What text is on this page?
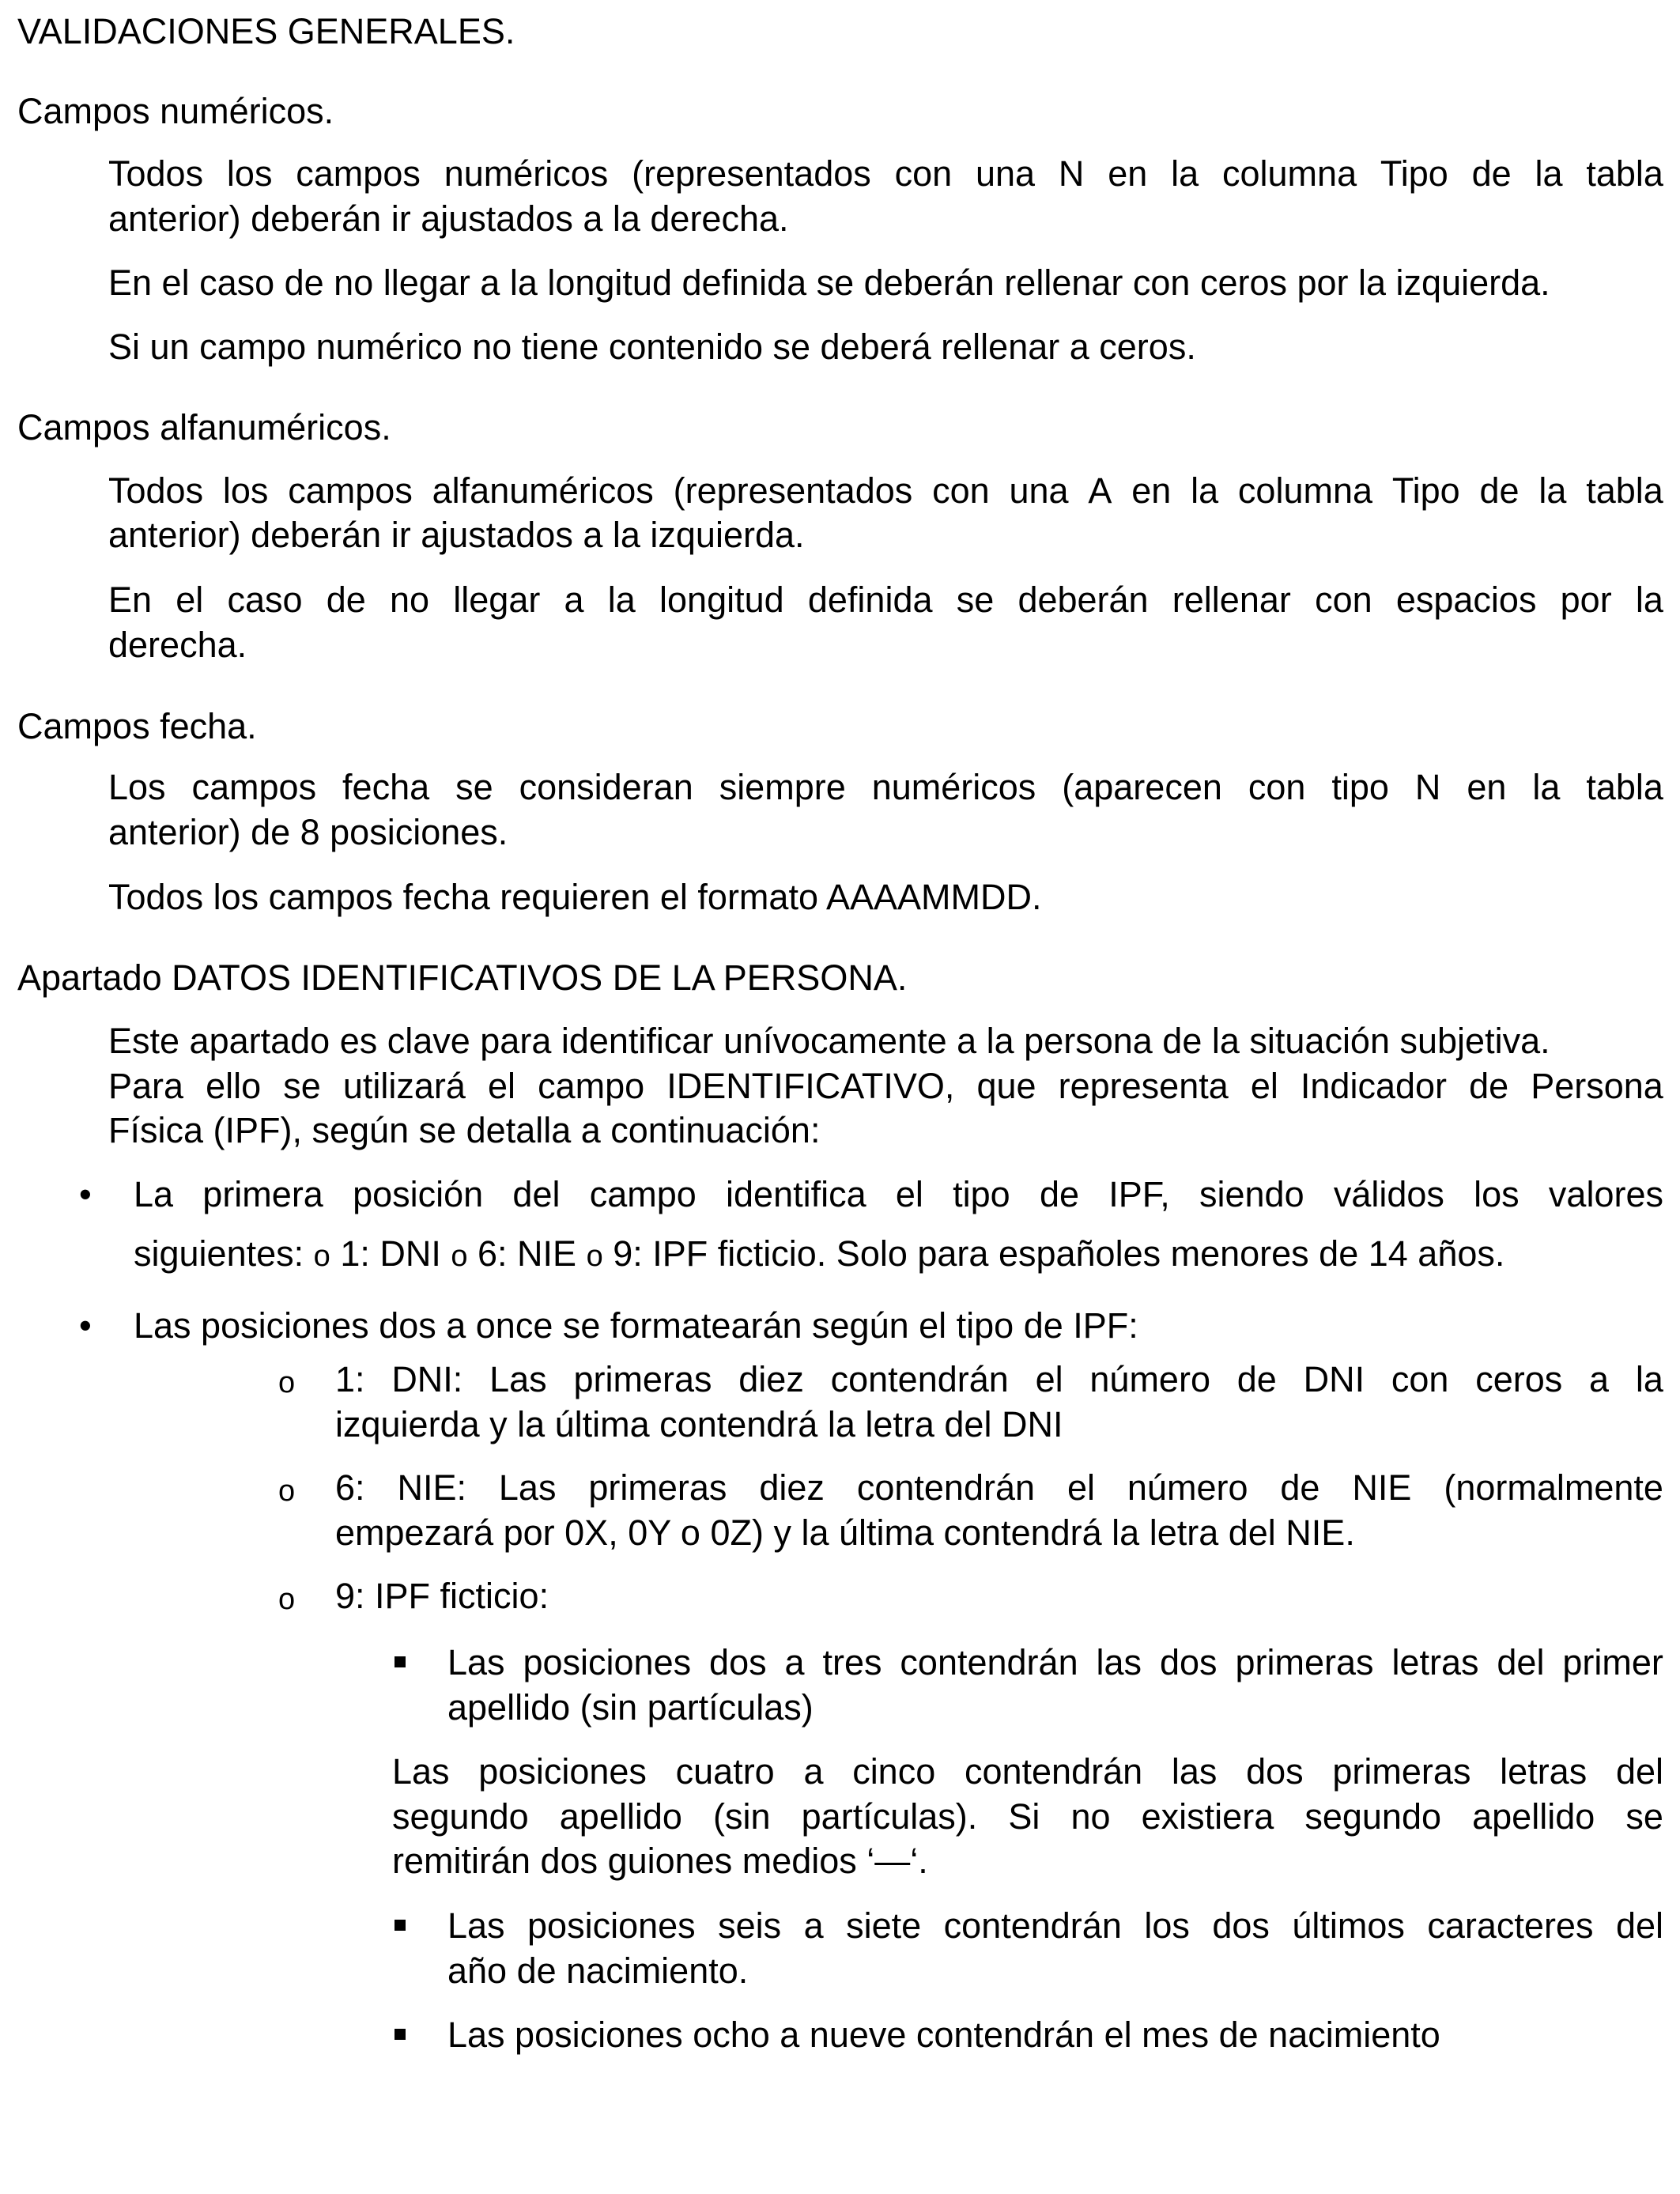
VALIDACIONES GENERALES.

Campos numéricos.

Todos los campos numéricos (representados con una N en la columna Tipo de la tabla

anterior) deberán ir ajustados a la derecha.

En el caso de no llegar a la longitud definida se deberán rellenar con ceros por la izquierda.

Si un campo numérico no tiene contenido se deberá rellenar a ceros.

Campos alfanuméricos.

Todos los campos alfanuméricos (representados con una A en la columna Tipo de la tabla

anterior) deberán ir ajustados a la izquierda.

En el caso de no llegar a la longitud definida se deberán rellenar con espacios por la

derecha.

Campos fecha.

Los campos fecha se consideran siempre numéricos (aparecen con tipo N en la tabla

anterior) de 8 posiciones.

Todos los campos fecha requieren el formato AAAAMMDD.

Apartado DATOS IDENTIFICATIVOS DE LA PERSONA.

Este apartado es clave para identificar unívocamente a la persona de la situación subjetiva.

Para ello se utilizará el campo IDENTIFICATIVO, que representa el Indicador de Persona

Física (IPF), según se detalla a continuación:

• La primera posición del campo identifica el tipo de IPF, siendo válidos los valores

siguientes: o 1: DNI o 6: NIE o 9: IPF ficticio. Solo para españoles menores de 14 años.

• Las posiciones dos a once se formatearán según el tipo de IPF:

o 1: DNI: Las primeras diez contendrán el número de DNI con ceros a la

izquierda y la última contendrá la letra del DNI

o 6: NIE: Las primeras diez contendrán el número de NIE (normalmente

empezará por 0X, 0Y o 0Z) y la última contendrá la letra del NIE.

o 9: IPF ficticio:

Las posiciones dos a tres contendrán las dos primeras letras del primer

apellido (sin partículas)

Las posiciones cuatro a cinco contendrán las dos primeras letras del
segundo apellido (sin partículas). Si no existiera segundo apellido se

remitirán dos guiones medios ‘—‘.

Las posiciones seis a siete contendrán los dos últimos caracteres del

año de nacimiento.

Las posiciones ocho a nueve contendrán el mes de nacimiento
